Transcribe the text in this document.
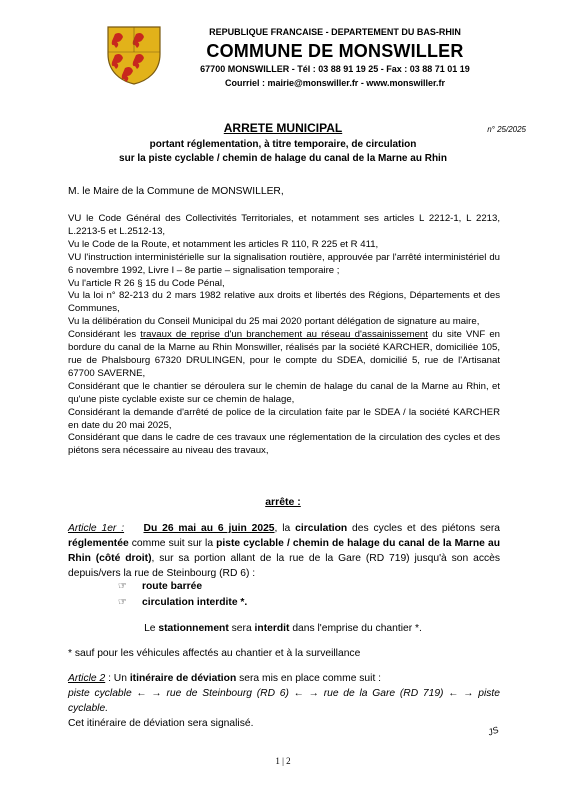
REPUBLIQUE FRANCAISE - DEPARTEMENT DU BAS-RHIN
COMMUNE DE MONSWILLER
67700 MONSWILLER - Tél : 03 88 91 19 25 - Fax : 03 88 71 01 19
Courriel : mairie@monswiller.fr - www.monswiller.fr
n° 25/2025
ARRETE MUNICIPAL
portant réglementation, à titre temporaire, de circulation
sur la piste cyclable / chemin de halage du canal de la Marne au Rhin
M. le Maire de la Commune de MONSWILLER,
VU le Code Général des Collectivités Territoriales, et notamment ses articles L 2212-1, L 2213, L.2213-5 et L.2512-13,
Vu le Code de la Route, et notamment les articles R 110, R 225 et R 411,
VU l'instruction interministérielle sur la signalisation routière, approuvée par l'arrêté interministériel du 6 novembre 1992, Livre I – 8e partie – signalisation temporaire ;
Vu l'article R 26 § 15 du Code Pénal,
Vu la loi n° 82-213 du 2 mars 1982 relative aux droits et libertés des Régions, Départements et des Communes,
Vu la délibération du Conseil Municipal du 25 mai 2020 portant délégation de signature au maire,
Considérant les travaux de reprise d'un branchement au réseau d'assainissement du site VNF en bordure du canal de la Marne au Rhin Monswiller, réalisés par la société KARCHER, domiciliée 105, rue de Phalsbourg 67320 DRULINGEN, pour le compte du SDEA, domicilié 5, rue de l'Artisanat 67700 SAVERNE,
Considérant que le chantier se déroulera sur le chemin de halage du canal de la Marne au Rhin, et qu'une piste cyclable existe sur ce chemin de halage,
Considérant la demande d'arrêté de police de la circulation faite par le SDEA / la société KARCHER en date du 20 mai 2025,
Considérant que dans le cadre de ces travaux une réglementation de la circulation des cycles et des piétons sera nécessaire au niveau des travaux,
arrête :
Article 1er : Du 26 mai au 6 juin 2025, la circulation des cycles et des piétons sera réglementée comme suit sur la piste cyclable / chemin de halage du canal de la Marne au Rhin (côté droit), sur sa portion allant de la rue de la Gare (RD 719) jusqu'à son accès depuis/vers la rue de Steinbourg (RD 6) :
☞ route barrée
☞ circulation interdite *.
Le stationnement sera interdit dans l'emprise du chantier *.
* sauf pour les véhicules affectés au chantier et à la surveillance
Article 2 : Un itinéraire de déviation sera mis en place comme suit :
piste cyclable ← → rue de Steinbourg (RD 6) ← → rue de la Gare (RD 719) ← → piste cyclable.
Cet itinéraire de déviation sera signalisé.
JS
1 | 2
